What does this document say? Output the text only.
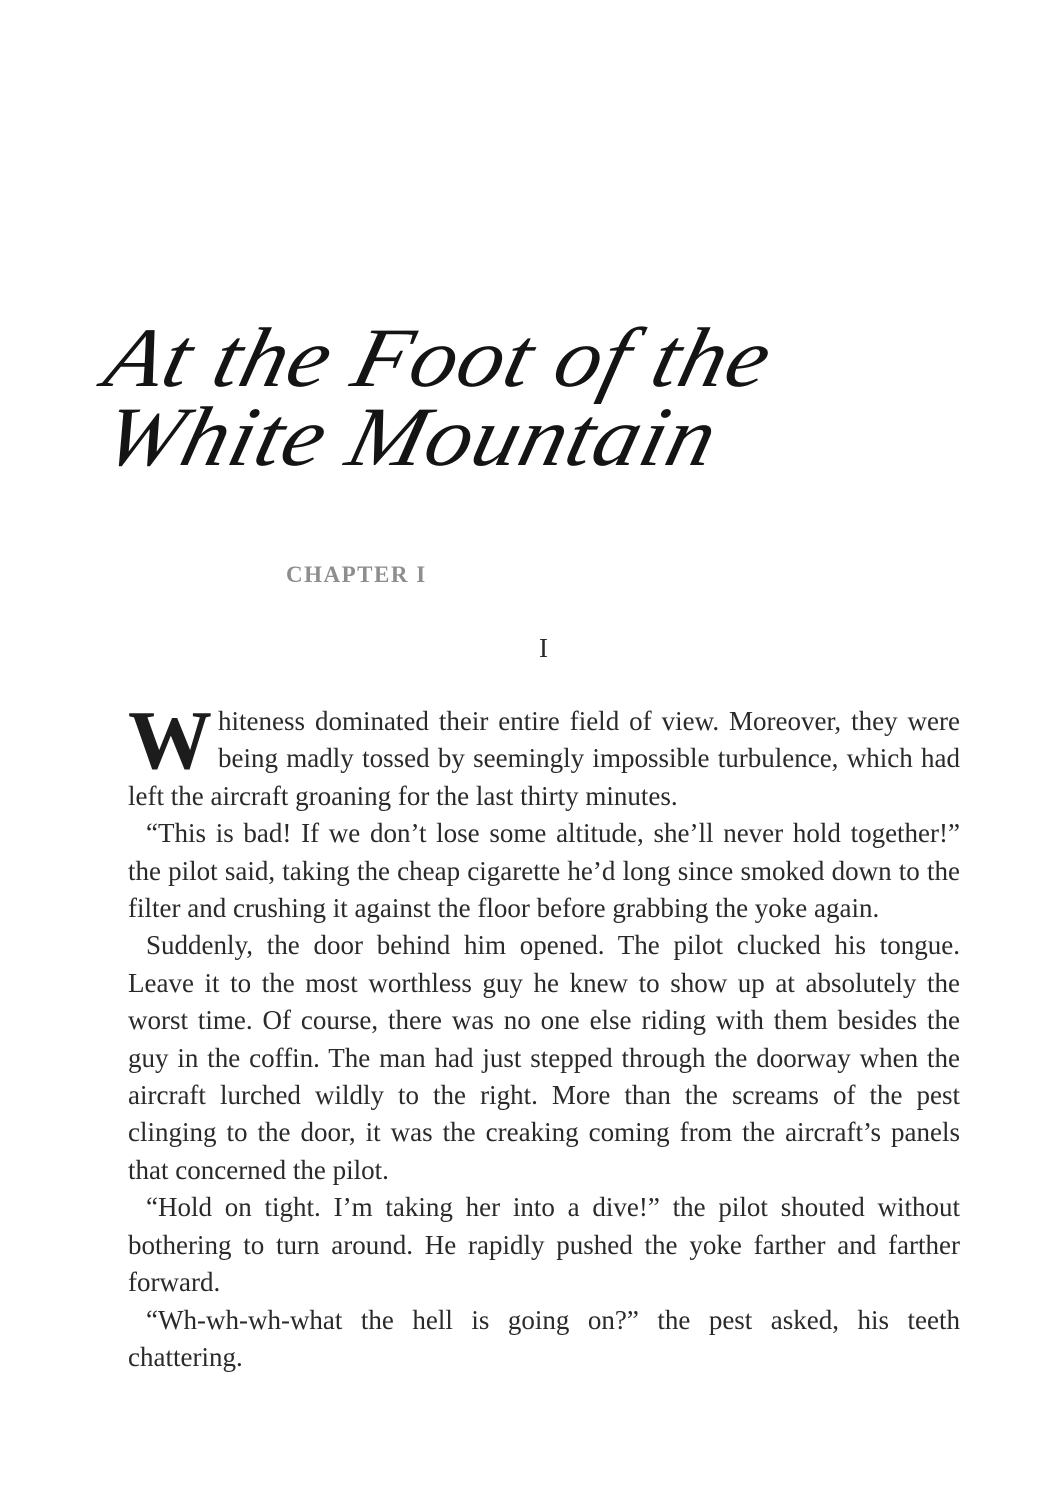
At the Foot of the
White Mountain
CHAPTER I
I

Whiteness dominated their entire field of view. Moreover, they were being madly tossed by seemingly impossible turbulence, which had left the aircraft groaning for the last thirty minutes.

“This is bad! If we don’t lose some altitude, she’ll never hold together!” the pilot said, taking the cheap cigarette he’d long since smoked down to the filter and crushing it against the floor before grabbing the yoke again.

Suddenly, the door behind him opened. The pilot clucked his tongue. Leave it to the most worthless guy he knew to show up at absolutely the worst time. Of course, there was no one else riding with them besides the guy in the coffin. The man had just stepped through the doorway when the aircraft lurched wildly to the right. More than the screams of the pest clinging to the door, it was the creaking coming from the aircraft’s panels that concerned the pilot.

“Hold on tight. I’m taking her into a dive!” the pilot shouted without bothering to turn around. He rapidly pushed the yoke farther and farther forward.

“Wh-wh-wh-what the hell is going on?” the pest asked, his teeth chattering.
